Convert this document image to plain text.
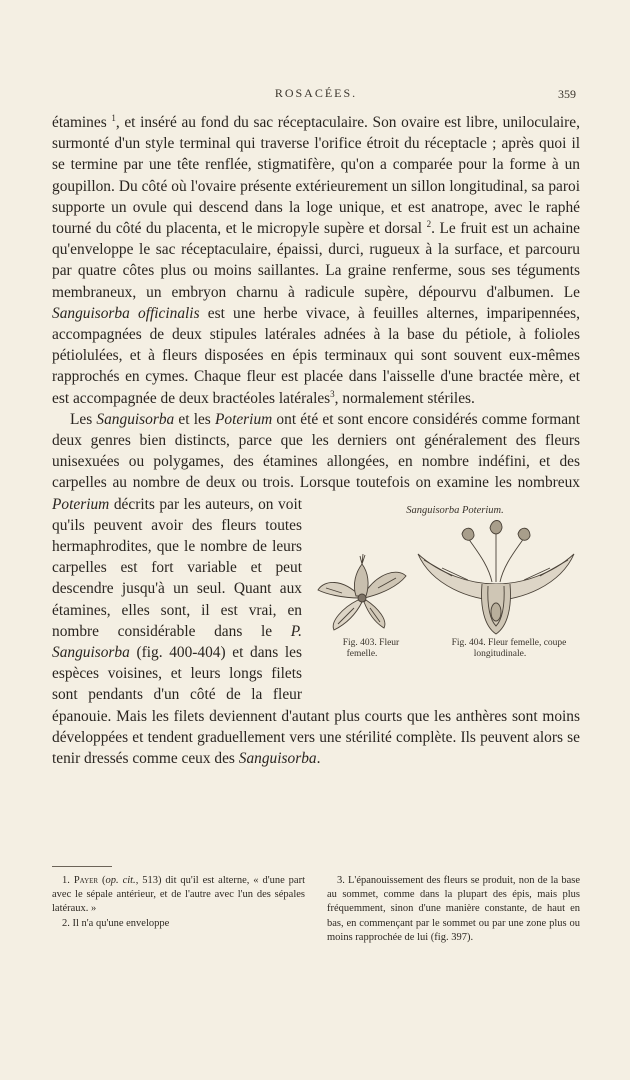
ROSACÉES.	359

étamines $^1$, et inséré au fond du sac réceptaculaire. Son ovaire est libre, uniloculaire, surmonté d'un style terminal qui traverse l'orifice étroit du réceptacle ; après quoi il se termine par une tête renflée, stigmatifère, qu'on a comparée pour la forme à un goupillon. Du côté où l'ovaire présente extérieurement un sillon longitudinal, sa paroi supporte un ovule qui descend dans la loge unique, et est anatrope, avec le raphé tourné du côté du placenta, et le micropyle supère et dorsal $^2$. Le fruit est un achaine qu'enveloppe le sac réceptaculaire, épaissi, durci, rugueux à la surface, et parcouru par quatre côtes plus ou moins saillantes. La graine renferme, sous ses téguments membraneux, un embryon charnu à radicule supère, dépourvu d'albumen. Le Sanguisorba officinalis est une herbe vivace, à feuilles alternes, imparipennées, accompagnées de deux stipules latérales adnées à la base du pétiole, à folioles pétiolulées, et à fleurs disposées en épis terminaux qui sont souvent eux-mêmes rapprochés en cymes. Chaque fleur est placée dans l'aisselle d'une bractée mère, et est accompagnée de deux bractéoles latérales$^3$, normalement stériles.

Les Sanguisorba et les Poterium ont été et sont encore considérés comme formant deux genres bien distincts, parce que les derniers ont généralement des fleurs unisexuées ou polygames, des étamines allongées, en nombre indéfini, et des carpelles au nombre de deux ou trois. Lorsque toutefois on examine les nombreux Poterium	Sanguisorba Poterium.
Fig. 403. Fleur femelle.
Fig. 404. Fleur femelle, coupe longitudinale.
décrits par les auteurs, on voit qu'ils peuvent avoir des fleurs toutes hermaphrodites, que le nombre de leurs carpelles est fort variable et peut descendre jusqu'à un seul. Quant aux étamines, elles sont, il est vrai, en nombre considérable dans le P. Sanguisorba (fig. 400-404) et dans les espèces voisines, et leurs longs filets sont pendants d'un côté de la fleur épanouie. Mais les filets deviennent d'autant plus courts que les anthères sont moins développées et tendent graduellement vers une stérilité complète. Ils peuvent alors se tenir dressés comme ceux des Sanguisorba.

1. Payer (op. cit., 513) dit qu'il est alterne, « d'une part avec le sépale antérieur, et de l'autre avec l'un des sépales latéraux. »

2. Il n'a qu'une enveloppe

3. L'épanouissement des fleurs se produit, non de la base au sommet, comme dans la plupart des épis, mais plus fréquemment, sinon d'une manière constante, de haut en bas, en commençant par le sommet ou par une zone plus ou moins rapprochée de lui (fig. 397).
